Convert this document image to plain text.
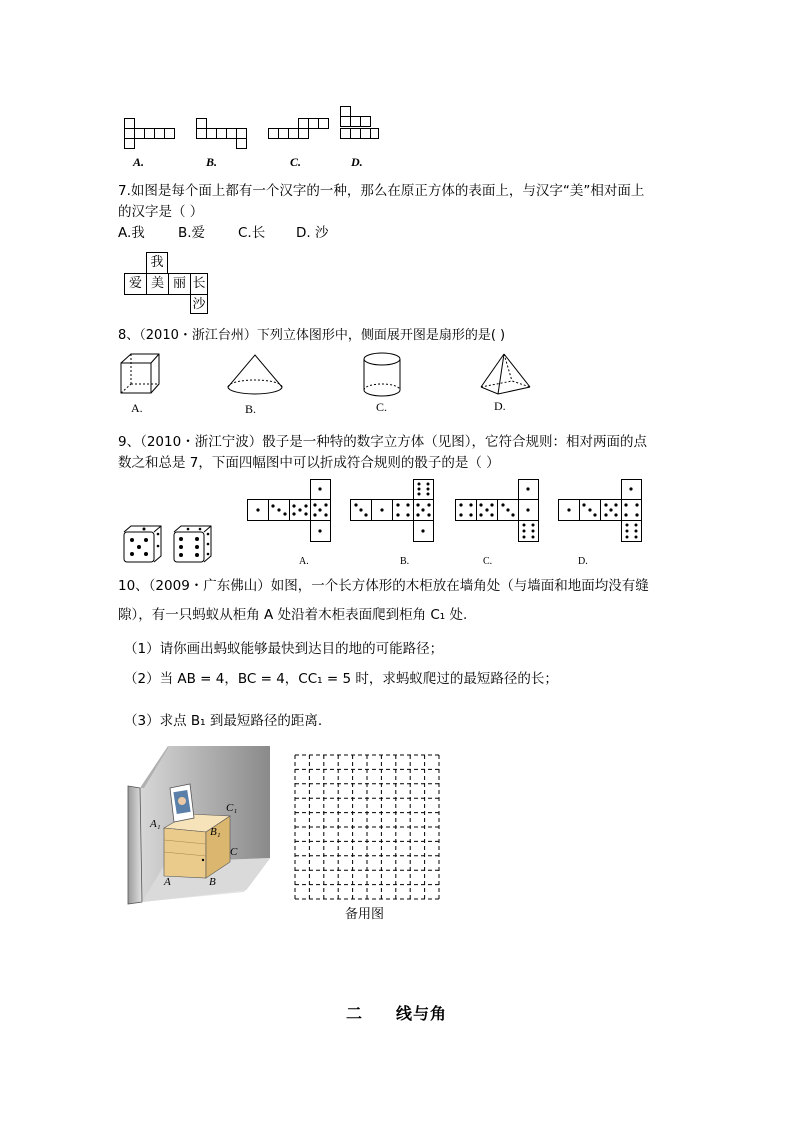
A.	B.	C.	D.
7.如图是每个面上都有一个汉字的一种，那么在原正方体的表面上，与汉字“美”相对面上
的汉字是（ ）
A.我 B.爱 C.长 D. 沙
我
爱 美 丽 长
沙
8、（2010・浙江台州）下列立体图形中，侧面展开图是扇形的是( )
A.	B.	C.	D.
9、（2010・浙江宁波）骰子是一种特的数字立方体（见图），它符合规则：相对两面的点
数之和总是 7，下面四幅图中可以折成符合规则的骰子的是（ ）
A.	B.	C.	D.
10、（2009・广东佛山）如图，一个长方体形的木柜放在墙角处（与墙面和地面均没有缝
隙），有一只蚂蚁从柜角 A 处沿着木柜表面爬到柜角 C₁ 处.
（1）请你画出蚂蚁能够最快到达目的地的可能路径；
（2）当 AB = 4，BC = 4，CC₁ = 5 时，求蚂蚁爬过的最短路径的长；
（3）求点 B₁ 到最短路径的距离.
C₁
A₁
B₁
C
A	B
备用图
二 线与角
